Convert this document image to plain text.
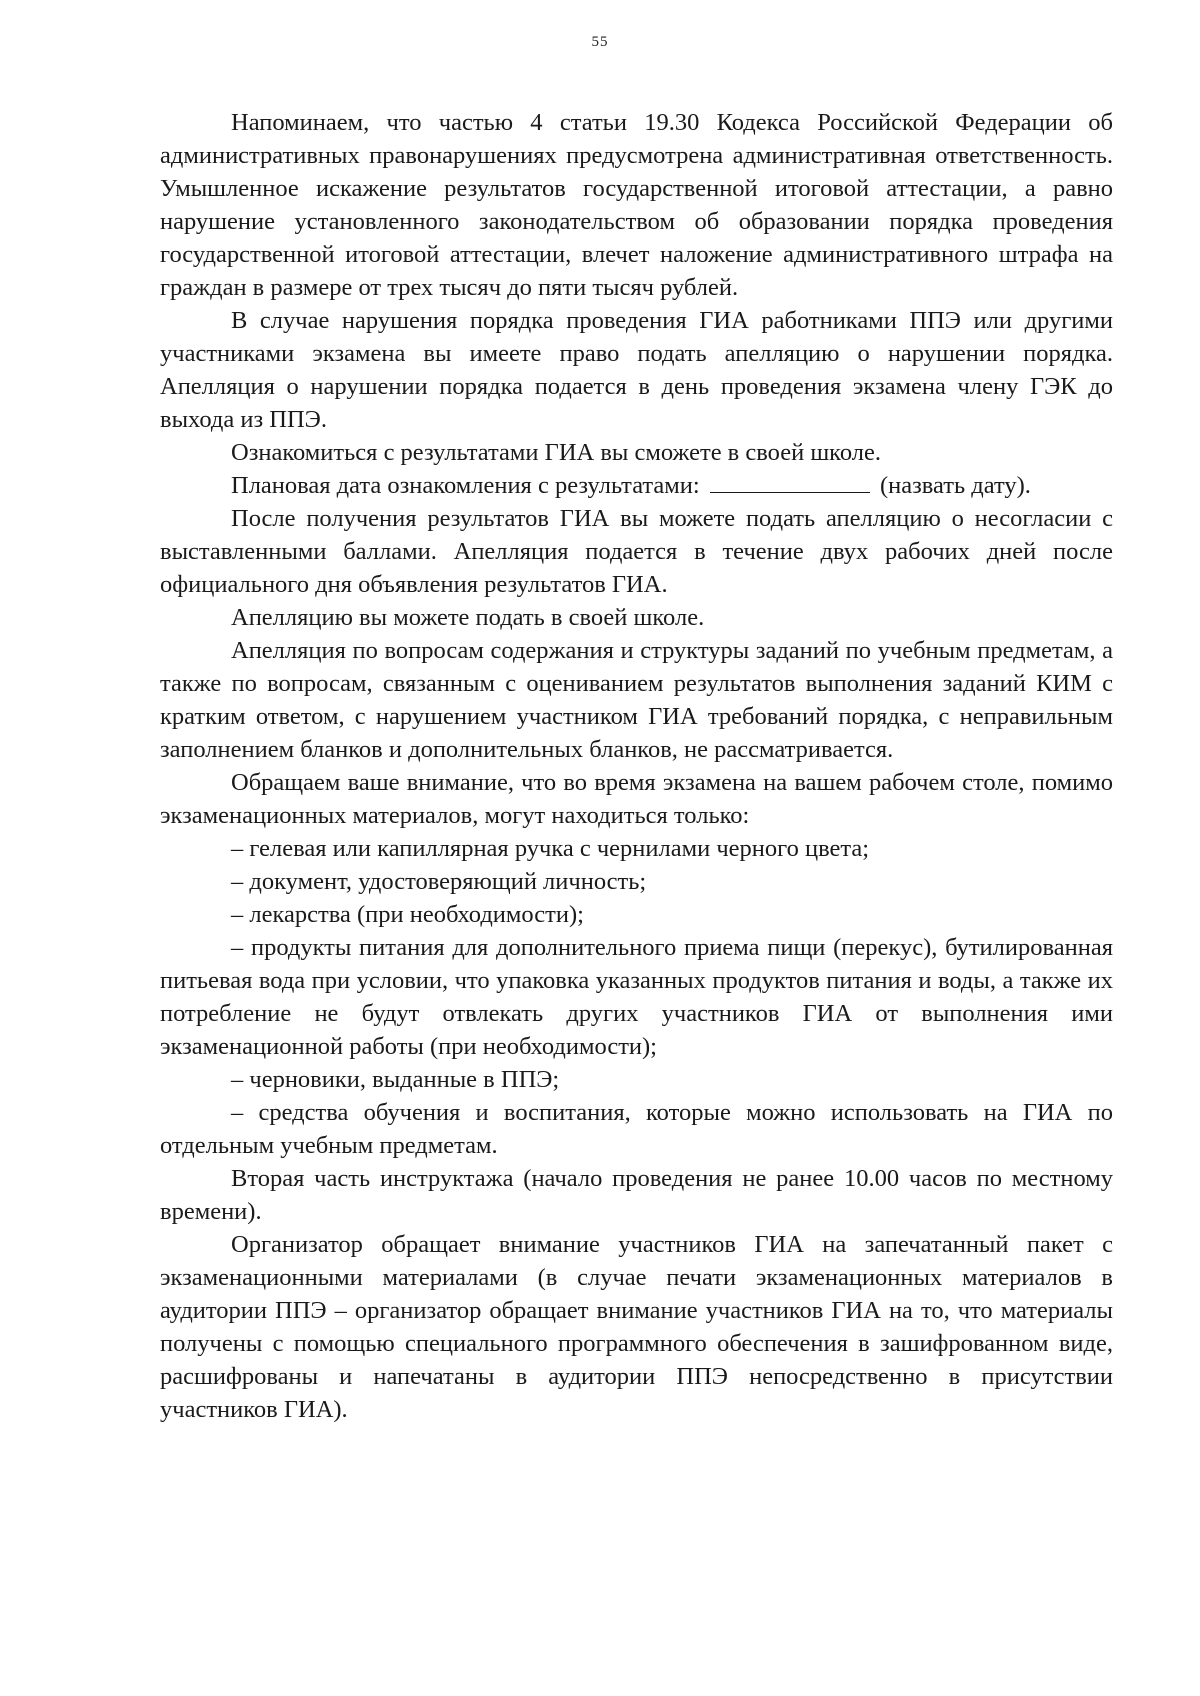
55

Напоминаем, что частью 4 статьи 19.30 Кодекса Российской Федерации об административных правонарушениях предусмотрена административная ответственность. Умышленное искажение результатов государственной итоговой аттестации, а равно нарушение установленного законодательством об образовании порядка проведения государственной итоговой аттестации, влечет наложение административного штрафа на граждан в размере от трех тысяч до пяти тысяч рублей.

В случае нарушения порядка проведения ГИА работниками ППЭ или другими участниками экзамена вы имеете право подать апелляцию о нарушении порядка. Апелляция о нарушении порядка подается в день проведения экзамена члену ГЭК до выхода из ППЭ.

Ознакомиться с результатами ГИА вы сможете в своей школе.

Плановая дата ознакомления с результатами:	(назвать дату).

После получения результатов ГИА вы можете подать апелляцию о несогласии с выставленными баллами. Апелляция подается в течение двух рабочих дней после официального дня объявления результатов ГИА.

Апелляцию вы можете подать в своей школе.

Апелляция по вопросам содержания и структуры заданий по учебным предметам, а также по вопросам, связанным с оцениванием результатов выполнения заданий КИМ с кратким ответом, с нарушением участником ГИА требований порядка, с неправильным заполнением бланков и дополнительных бланков, не рассматривается.

Обращаем ваше внимание, что во время экзамена на вашем рабочем столе, помимо экзаменационных материалов, могут находиться только:

– гелевая или капиллярная ручка с чернилами черного цвета;

– документ, удостоверяющий личность;

– лекарства (при необходимости);

– продукты питания для дополнительного приема пищи (перекус), бутилированная питьевая вода при условии, что упаковка указанных продуктов питания и воды, а также их потребление не будут отвлекать других участников ГИА от выполнения ими экзаменационной работы (при необходимости);

– черновики, выданные в ППЭ;

– средства обучения и воспитания, которые можно использовать на ГИА по отдельным учебным предметам.

Вторая часть инструктажа (начало проведения не ранее 10.00 часов по местному времени).

Организатор обращает внимание участников ГИА на запечатанный пакет с экзаменационными материалами (в случае печати экзаменационных материалов в аудитории ППЭ – организатор обращает внимание участников ГИА на то, что материалы получены с помощью специального программного обеспечения в зашифрованном виде, расшифрованы и напечатаны в аудитории ППЭ непосредственно в присутствии участников ГИА).
